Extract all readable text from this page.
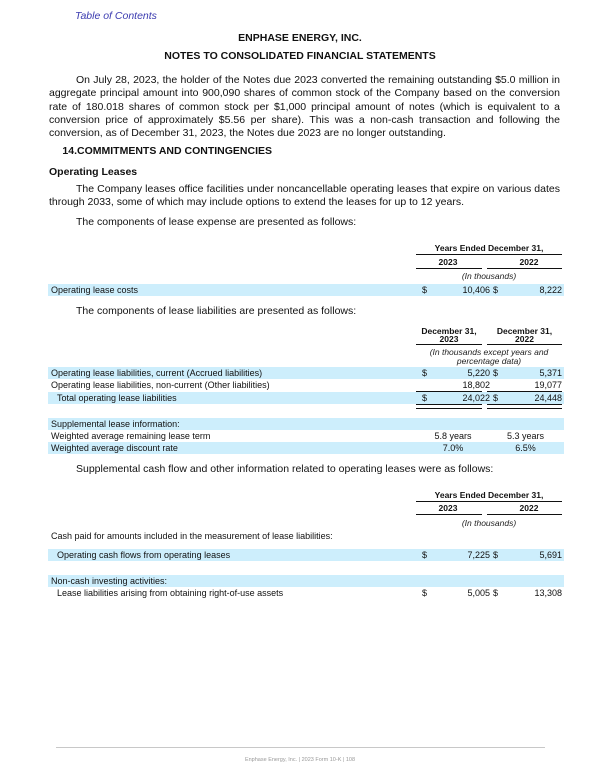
Table of Contents
ENPHASE ENERGY, INC.
NOTES TO CONSOLIDATED FINANCIAL STATEMENTS
On July 28, 2023, the holder of the Notes due 2023 converted the remaining outstanding $5.0 million in aggregate principal amount into 900,090 shares of common stock of the Company based on the conversion rate of 180.018 shares of common stock per $1,000 principal amount of notes (which is equivalent to a conversion price of approximately $5.56 per share). This was a non-cash transaction and following the conversion, as of December 31, 2023, the Notes due 2023 are no longer outstanding.
14.COMMITMENTS AND CONTINGENCIES
Operating Leases
The Company leases office facilities under noncancellable operating leases that expire on various dates through 2033, some of which may include options to extend the leases for up to 12 years.
The components of lease expense are presented as follows:
Years Ended December 31,
2023	2022
(In thousands)
Operating lease costs	$	10,406 $	8,222
The components of lease liabilities are presented as follows:
December 31,
2023
December 31,
2022
(In thousands except years and
percentage data)
Operating lease liabilities, current (Accrued liabilities)	$	5,220 $	5,371
Operating lease liabilities, non-current (Other liabilities)	18,802	19,077
Total operating lease liabilities	$	24,022 $	24,448
Supplemental lease information:
Weighted average remaining lease term	5.8 years	5.3 years
Weighted average discount rate	7.0%	6.5%
Supplemental cash flow and other information related to operating leases were as follows:
Years Ended December 31,
2023	2022
(In thousands)
Cash paid for amounts included in the measurement of lease liabilities:
Operating cash flows from operating leases	$	7,225 $	5,691
Non-cash investing activities:
Lease liabilities arising from obtaining right-of-use assets	$	5,005 $	13,308
Enphase Energy, Inc. | 2023 Form 10-K | 108
